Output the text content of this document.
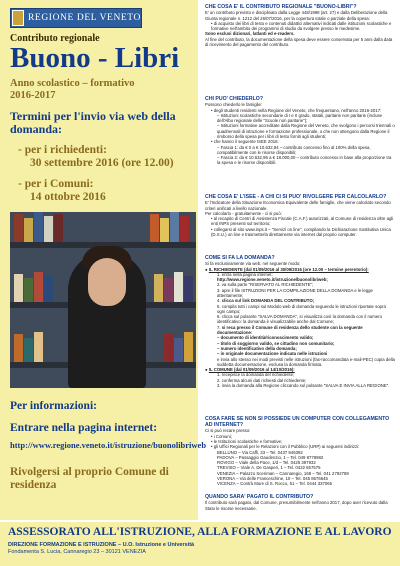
REGIONE DEL VENETO
Contributo regionale
Buono - Libri
Anno scolastico – formativo
2016-2017
Termini per l'invio via web della domanda:
- per i richiedenti:
30 settembre 2016 (ore 12.00)
- per i Comuni:
14 ottobre 2016
Per informazioni:
Entrare nella pagina internet:
http://www.regione.veneto.it/istruzione/buonolibriweb
Rivolgersi al proprio Comune di residenza
CHE COSA E' IL CONTRIBUTO REGIONALE "BUONO-LIBRI"?
E' un contributo previsto e disciplinato dalla Legge 448/1998 (art. 27) e dalla Deliberazione della Giunta regionale n. 1212 del 26/07/2016, per la copertura totale o parziale della spesa:
• di acquisto dei libri di testo e contenuti didattici alternativi indicati dalle istituzioni scolastiche e formative nell'ambito dei programmi di studio da svolgere presso le medesime.
Sono esclusi dizionari, latlanti ed e-readers.
Al fine del contributo, la documentazione della spesa deve essere conservata per 5 anni dalla data di ricevimento del pagamento del contributo.
CHI PUO' CHIEDERLO?
Possono chiederlo le famiglie:
• degli studenti residenti nella Regione del Veneto, che frequentano, nell'anno 2016-2017:
– Istituzioni scolastiche secondarie di I e II grado, statali, paritarie non paritarie (incluse dell'Albo regionale delle "Scuole non paritarie");
– Istituzioni formative accreditate dalla Regione del Veneto, che svolgono i percorsi triennali o quadriennali di istruzione e formazione professionale, o che non ottengono dalla Regione il rimborso della spesa per i libri di testo forniti agli studenti;
• che hanno il seguente ISEE 2016:
– Fascia 1: da € 0 a € 10.632,94 – contributo concesso fino al 100% della spesa, compatibilmente con le risorse disponibili;
– Fascia 2: da € 10.632,95 a € 18.000,00 – contributo concesso in base alla proporzione tra la spesa e le risorse disponibili.
CHE COSA E' L'ISEE - A CHI CI SI PUO' RIVOLGERE PER CALCOLARLO?
E' l'Indicatore della Situazione Economica Equivalente delle famiglie, che viene calcolato secondo criteri unificati a livello nazionale.
Per calcolarlo - gratuitamente - ci si può:
• al recapito di Centri di Assistenza Fiscale (C.A.F.) autorizzati, al Comune di residenza oltre agli enti INPS presenti sul territorio;
• collegarsi al sito www.inps.it – "Servizi on line", compilando la Dichiarazione Sostitutiva Unica (D.S.U.) on line e trasmetterla direttamente via internet dal proprio computer.
COME SI FA LA DOMANDA?
Si fa esclusivamente via web, nel seguente modo:
● IL RICHIEDENTE (dal 01/09/2016 al 30/09/2016 (ore 12.00 – termine perentorio):
1. entra nella pagina internet:
http://www.regione.veneto.it/istruzione/buonolibriweb;
2. va sulla parte "RISERVATO AL RICHIEDENTE";
3. apre il file ISTRUZIONI PER LA COMPILAZIONE DELLA DOMANDA e le legge attentamente;
4. clicca sul link DOMANDA DEL CONTRIBUTO;
5. compila tutti i campi sul Modulo web di domanda seguendo le istruzioni riportate sopra ogni campo;
6. clicca sul pulsante "SALVA DOMANDA", si visualizza così la domanda con il numero identificativo: la domanda è visualizzabile anche dal Comune;
7. si reca presso il Comune di residenza dello studente con la seguente documentazione:
– documento di identità/riconoscimento valido;
– titolo di soggiorno valido, se cittadino non comunitario;
– numero identificativo della domanda;
– in originale documentazione indicata nelle istruzioni
e invia allo stesso nei modi previsti nelle istruzioni (fax-raccomandata e-mail-PEC) copia della suddetta documentazione, esclusa la domanda firmata.
● IL COMUNE (dal 01/09/2016 al 14/10/2016):
1. recepisce la domanda del richiedente;
2. conferma alcuni dati richiesti dal richiedente;
3. invia la domanda alla Regione cliccando sul pulsante "SALVA E INVIA ALLA REGIONE".
COSA FARE SE NON SI POSSIEDE UN COMPUTER CON COLLEGAMENTO AD INTERNET?
Ci si può recare presso:
• i Comuni;
• le Istituzioni scolastiche e formative;
• gli Uffici Regionali per le Relazioni con il Pubblico (URP) ai seguenti indirizzi:
BELLUNO – Via Caffi, 33 – Tel. 0437 946392
PADOVA – Passaggio Gaudenzio, 1 – Tel. 049 8778982
ROVIGO – Viale della Pace, 1/d – Tel. 0425 397932
TREVISO – Viale A. De Gasperi, 1 – Tel. 0422 657575
VENEZIA – Palazzo Sceriman – Cannaregio, 168 – Tel. 041 2792789
VERONA – Via delle Franceschine, 10 – Tel. 045 8676645
VICENZA – Contrà Mure di S. Rocco, 51 – Tel. 0444 337065
QUANDO SARA' PAGATO IL CONTRIBUTO?
Il contributo sarà pagato, dal Comune, presumibilmente nell'anno 2017, dopo aver ricevuto dalla Stato le risorse necessarie.
ASSESSORATO ALL'ISTRUZIONE, ALLA FORMAZIONE E AL LAVORO
DIREZIONE FORMAZIONE E ISTRUZIONE – U.O. Istruzione e Università
Fondamenta S. Lucia, Cannaregio 23 – 30121 VENEZIA
